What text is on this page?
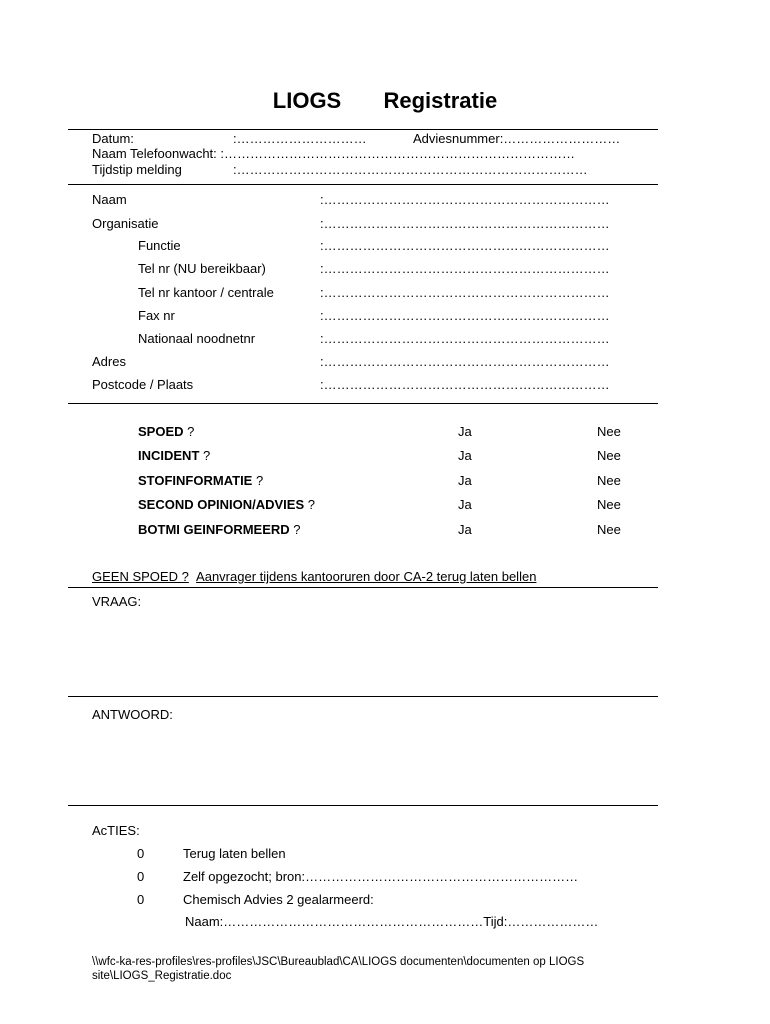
LIOGS Registratie
Datum:	:…………………………	Adviesnummer:………………………
Naam Telefoonwacht: :………………………………………………………………………
Tijdstip melding	:………………………………………………………………………
Naam	:…………………………………………………………
Organisatie	:…………………………………………………………
Functie	:…………………………………………………………
Tel nr (NU bereikbaar)	:…………………………………………………………
Tel nr kantoor / centrale	:…………………………………………………………
Fax nr	:…………………………………………………………
Nationaal noodnetnr	:…………………………………………………………
Adres	:…………………………………………………………
Postcode / Plaats	:…………………………………………………………
SPOED ?	Ja	Nee
INCIDENT ?	Ja	Nee
STOFINFORMATIE ?	Ja	Nee
SECOND OPINION/ADVIES ?	Ja	Nee
BOTMI GEINFORMEERD ?	Ja	Nee
GEEN SPOED ? Aanvrager tijdens kantooruren door CA-2 terug laten bellen
VRAAG:
ANTWOORD:
AcTIES:
0	Terug laten bellen
0	Zelf opgezocht; bron:………………………………………………………
0	Chemisch Advies 2 gealarmeerd:
Naam:……………………………………………………Tijd:…………………
\\wfc-ka-res-profiles\res-profiles\JSC\Bureaublad\CA\LIOGS documenten\documenten op LIOGS
site\LIOGS_Registratie.doc
